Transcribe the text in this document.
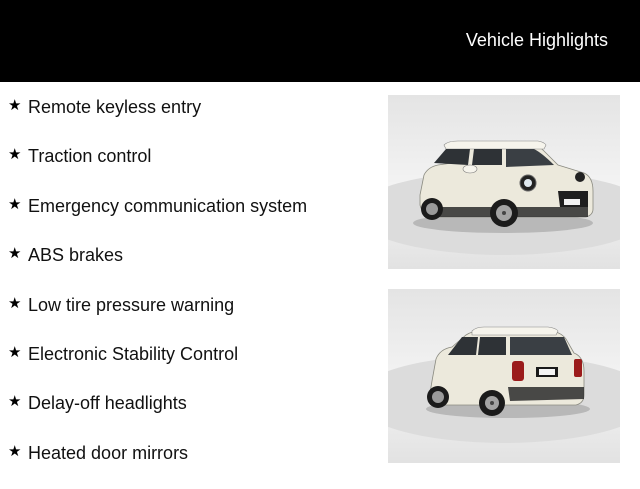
Vehicle Highlights
★ Remote keyless entry
★ Traction control
★ Emergency communication system
★ ABS brakes
★ Low tire pressure warning
★ Electronic Stability Control
★ Delay-off headlights
★ Heated door mirrors
